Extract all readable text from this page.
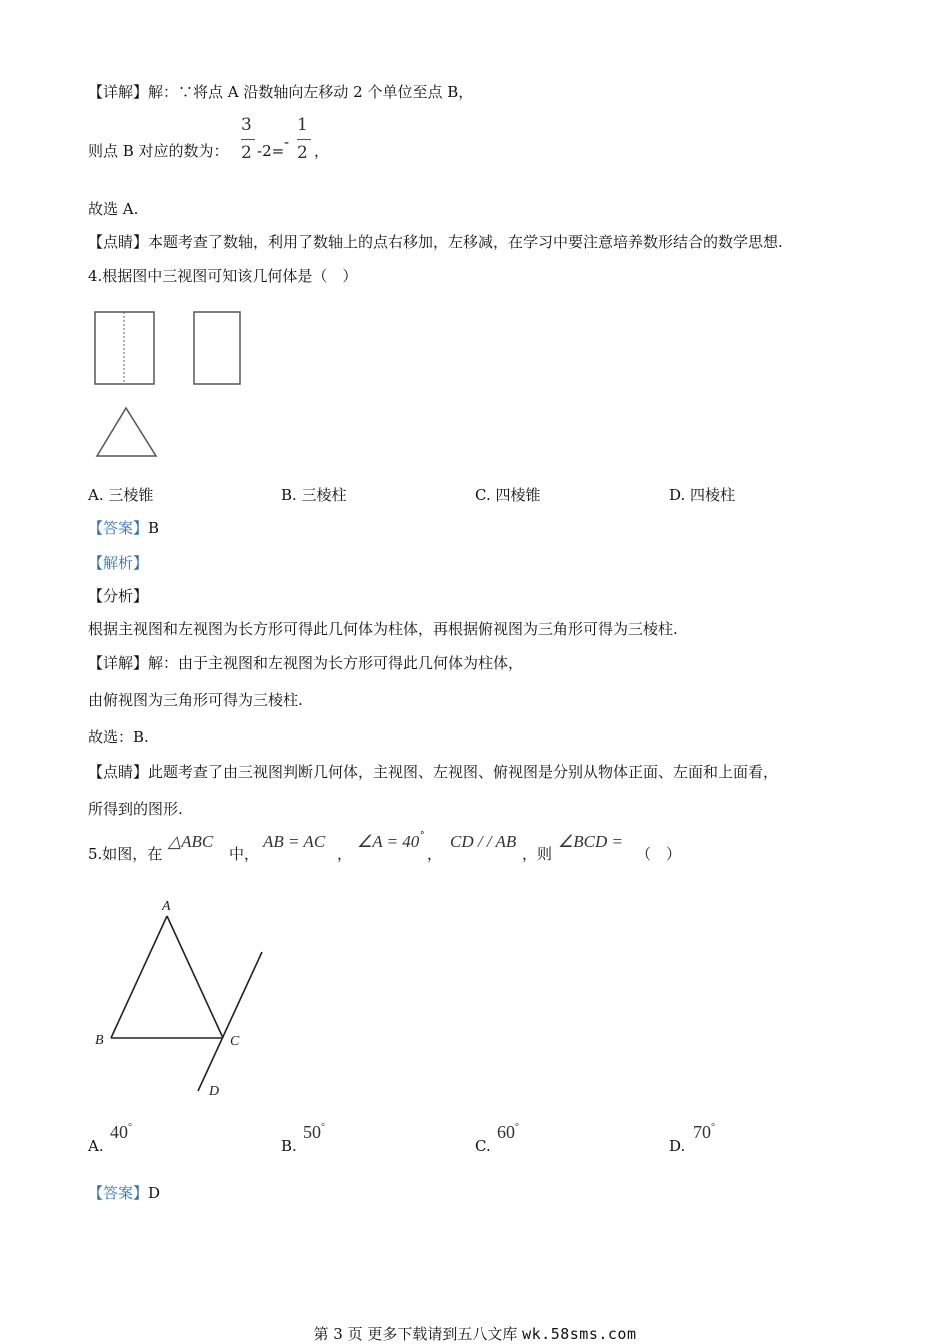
【详解】解：∵将点 A 沿数轴向左移动 2 个单位至点 B，
则点 B 对应的数为：
3
2 -2= -
1
2 ，
故选 A.
【点睛】本题考查了数轴，利用了数轴上的点右移加，左移减，在学习中要注意培养数形结合的数学思想.
4.根据图中三视图可知该几何体是（　）
A. 三棱锥	B. 三棱柱	C. 四棱锥	D. 四棱柱
【答案】B
【解析】
【分析】
根据主视图和左视图为长方形可得此几何体为柱体，再根据俯视图为三角形可得为三棱柱.
【详解】解：由于主视图和左视图为长方形可得此几何体为柱体，
由俯视图为三角形可得为三棱柱.
故选：B.
【点睛】此题考查了由三视图判断几何体，主视图、左视图、俯视图是分别从物体正面、左面和上面看，
所得到的图形.
5.如图，在
△ABC
中，
AB = AC
，
∠A = 40 °
，
CD / / AB
，则
∠BCD =
（　）
A
B	C
D
A.
40°
B.
50°
C.
60°
D.
70°
【答案】D
第 3 页 更多下载请到五八文库 wk.58sms.com
